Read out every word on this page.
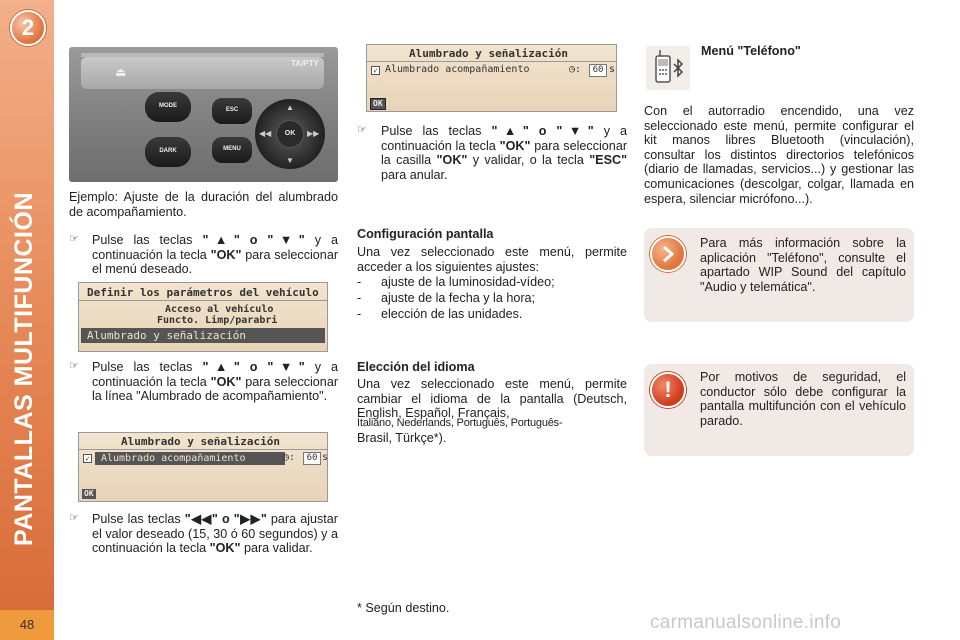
2
PANTALLAS MULTIFUNCIÓN
48
⏏
TA/PTY
MODE
DARK
ESC
MENU
▲
▼
◀◀	▶▶
OK
Ejemplo: Ajuste de la duración del alumbrado de acompañamiento.
☞ Pulse las teclas "▲" o "▼" y a continuación la tecla "OK" para seleccionar el menú deseado.
Definir los parámetros del vehículo
Acceso al vehículo
Functo. Limp/parabri
Alumbrado y señalización
☞ Pulse las teclas "▲" o "▼" y a continuación la tecla "OK" para seleccionar la línea "Alumbrado de acompañamiento".
Alumbrado y señalización
✓	Alumbrado acompañamiento	◷:	60 s
OK
☞ Pulse las teclas "◀◀" o "▶▶" para ajustar el valor deseado (15, 30 ó 60 segundos) y a continuación la tecla "OK" para validar.
Alumbrado y señalización
✓ Alumbrado acompañamiento	◷:	60 s
OK
☞ Pulse las teclas "▲" o "▼" y a continuación la tecla "OK" para seleccionar la casilla "OK" y validar, o la tecla "ESC" para anular.
Configuración pantalla
Una vez seleccionado este menú, permite acceder a los siguientes ajustes:
- ajuste de la luminosidad-vídeo;
- ajuste de la fecha y la hora;
- elección de las unidades.
Elección del idioma
Una vez seleccionado este menú, permite cambiar el idioma de la pantalla (Deutsch, English, Español, Français,
Italiano, Nederlands, Português, Português-
Brasil, Türkçe*).
* Según destino.
Menú "Teléfono"
Con el autorradio encendido, una vez seleccionado este menú, permite configurar el kit manos libres Bluetooth (vinculación), consultar los distintos directorios telefónicos (diario de llamadas, servicios...) y gestionar las comunicaciones (descolgar, colgar, llamada en espera, silenciar micrófono...).
Para más información sobre la aplicación "Teléfono", consulte el apartado WIP Sound del capítulo "Audio y telemática".
!	Por motivos de seguridad, el conductor sólo debe configurar la pantalla multifunción con el vehículo parado.
carmanualsonline.info
